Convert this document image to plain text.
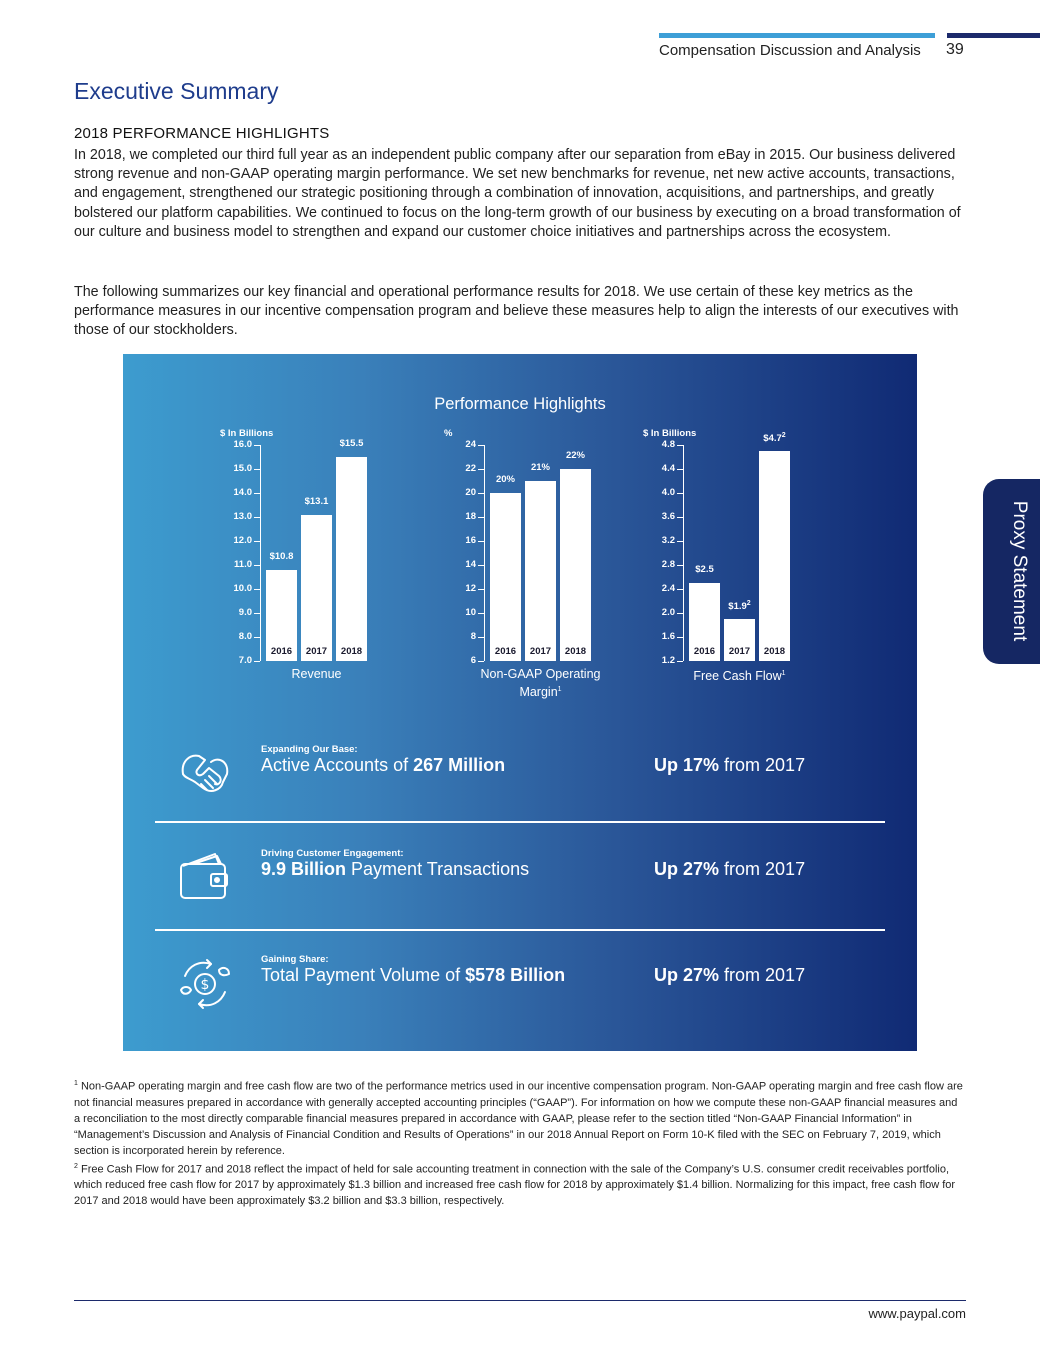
Compensation Discussion and Analysis 39
Proxy Statement
Executive Summary
2018 PERFORMANCE HIGHLIGHTS

In 2018, we completed our third full year as an independent public company after our separation from eBay in 2015. Our business delivered strong revenue and non-GAAP operating margin performance. We set new benchmarks for revenue, net new active accounts, transactions, and engagement, strengthened our strategic positioning through a combination of innovation, acquisitions, and partnerships, and greatly bolstered our platform capabilities. We continued to focus on the long-term growth of our business by executing on a broad transformation of our culture and business model to strengthen and expand our customer choice initiatives and partnerships across the ecosystem.

The following summarizes our key financial and operational performance results for 2018. We use certain of these key metrics as the performance measures in our incentive compensation program and believe these measures help to align the interests of our executives with those of our stockholders.

Performance Highlights
$ In Billions
16.0
15.0
14.0
13.0
12.0
11.0
10.0
9.0
8.0
7.0
$10.8
2016
$13.1
2017
$15.5
2018
Revenue
%
24
22
20
18
16
14
12
10
8
6
20%
2016
21%
2017
22%
2018
Non-GAAP Operating Margin$^1$
$ In Billions
4.8
4.4
4.0
3.6
3.2
2.8
2.4
2.0
1.6
1.2
$2.5
2016
$\$1.9^2$
2017
$\$4.7^2$
2018
Free Cash Flow$^1$
Expanding Our Base:
Active Accounts of 267 Million	Up 17% from 2017
Driving Customer Engagement:
9.9 Billion Payment Transactions	Up 27% from 2017
$
Gaining Share:
Total Payment Volume of $578 Billion	Up 27% from 2017

$^1$ Non-GAAP operating margin and free cash flow are two of the performance metrics used in our incentive compensation program. Non-GAAP operating margin and free cash flow are not financial measures prepared in accordance with generally accepted accounting principles (“GAAP”). For information on how we compute these non-GAAP financial measures and a reconciliation to the most directly comparable financial measures prepared in accordance with GAAP, please refer to the section titled “Non-GAAP Financial Information” in “Management’s Discussion and Analysis of Financial Condition and Results of Operations” in our 2018 Annual Report on Form 10-K filed with the SEC on February 7, 2019, which section is incorporated herein by reference.

$^2$ Free Cash Flow for 2017 and 2018 reflect the impact of held for sale accounting treatment in connection with the sale of the Company’s U.S. consumer credit receivables portfolio, which reduced free cash flow for 2017 by approximately $1.3 billion and increased free cash flow for 2018 by approximately $1.4 billion. Normalizing for this impact, free cash flow for 2017 and 2018 would have been approximately $3.2 billion and $3.3 billion, respectively.

www.paypal.com
